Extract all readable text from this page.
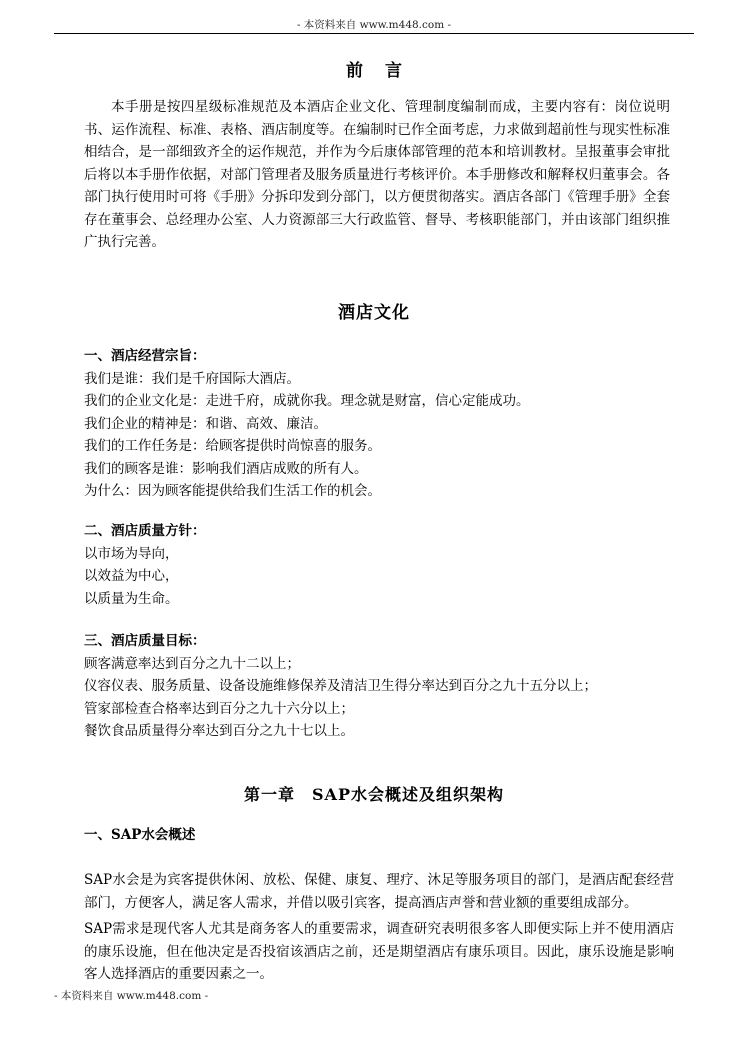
- 本资料来自 www.m448.com -
前言

本手册是按四星级标准规范及本酒店企业文化、管理制度编制而成，主要内容有：岗位说明书、运作流程、标准、表格、酒店制度等。在编制时已作全面考虑，力求做到超前性与现实性标准相结合，是一部细致齐全的运作规范，并作为今后康体部管理的范本和培训教材。呈报董事会审批后将以本手册作依据，对部门管理者及服务质量进行考核评价。本手册修改和解释权归董事会。各部门执行使用时可将《手册》分拆印发到分部门，以方便贯彻落实。酒店各部门《管理手册》全套存在董事会、总经理办公室、人力资源部三大行政监管、督导、考核职能部门，并由该部门组织推广执行完善。

酒店文化
一、酒店经营宗旨：

我们是谁：我们是千府国际大酒店。

我们的企业文化是：走进千府，成就你我。理念就是财富，信心定能成功。

我们企业的精神是：和谐、高效、廉洁。

我们的工作任务是：给顾客提供时尚惊喜的服务。

我们的顾客是谁：影响我们酒店成败的所有人。

为什么：因为顾客能提供给我们生活工作的机会。

二、酒店质量方针：

以市场为导向，

以效益为中心，

以质量为生命。

三、酒店质量目标：

顾客满意率达到百分之九十二以上；

仪容仪表、服务质量、设备设施维修保养及清洁卫生得分率达到百分之九十五分以上；

管家部检查合格率达到百分之九十六分以上；

餐饮食品质量得分率达到百分之九十七以上。

第一章　SAP水会概述及组织架构
一、SAP水会概述

SAP水会是为宾客提供休闲、放松、保健、康复、理疗、沐足等服务项目的部门，是酒店配套经营部门，方便客人，满足客人需求，并借以吸引宾客，提高酒店声誉和营业额的重要组成部分。

SAP需求是现代客人尤其是商务客人的重要需求，调查研究表明很多客人即便实际上并不使用酒店的康乐设施，但在他决定是否投宿该酒店之前，还是期望酒店有康乐项目。因此，康乐设施是影响客人选择酒店的重要因素之一。

- 本资料来自 www.m448.com -
